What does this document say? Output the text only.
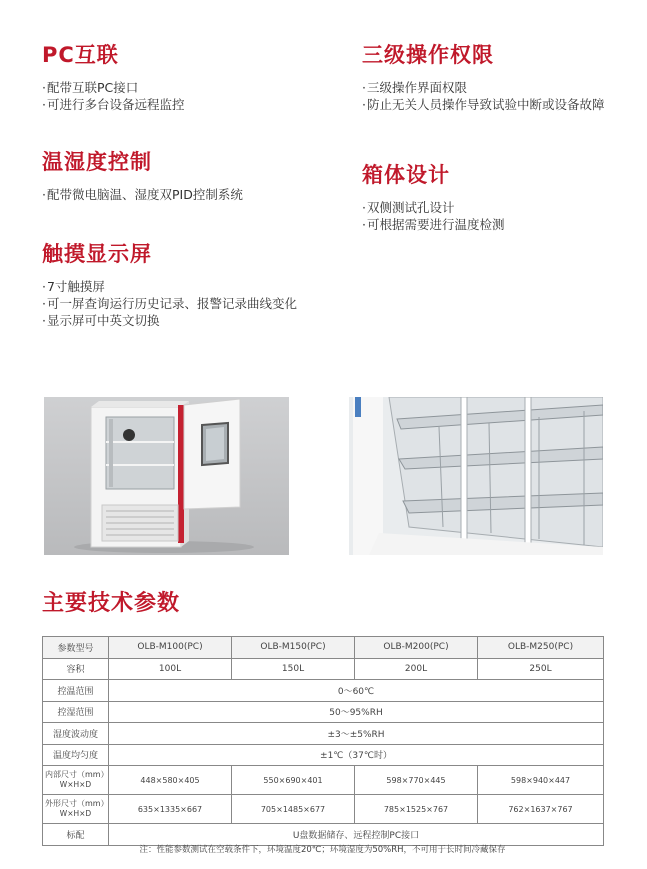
PC互联
· 配带互联PC接口
· 可进行多台设备远程监控
三级操作权限
· 三级操作界面权限
· 防止无关人员操作导致试验中断或设备故障
温湿度控制
· 配带微电脑温、湿度双PID控制系统
箱体设计
· 双侧测试孔设计
· 可根据需要进行温度检测
触摸显示屏
· 7寸触摸屏
· 可一屏查询运行历史记录、报警记录曲线变化
· 显示屏可中英文切换
主要技术参数
参数型号	OLB-M100(PC)	OLB-M150(PC)	OLB-M200(PC)	OLB-M250(PC)
容积	100L	150L	200L	250L
控温范围	0～60℃			
控湿范围	50～95%RH			
湿度波动度	±3～±5%RH			
温度均匀度	±1℃（37℃时）			

内部尺寸（mm）
W×H×D	448×580×405	550×690×401	598×770×445	598×940×447

外形尺寸（mm）
W×H×D	635×1335×667	705×1485×677	785×1525×767	762×1637×767
标配	U盘数据储存、远程控制PC接口			
注：性能参数测试在空载条件下，环境温度20℃；环境湿度为50%RH，不可用于长时间冷藏保存
